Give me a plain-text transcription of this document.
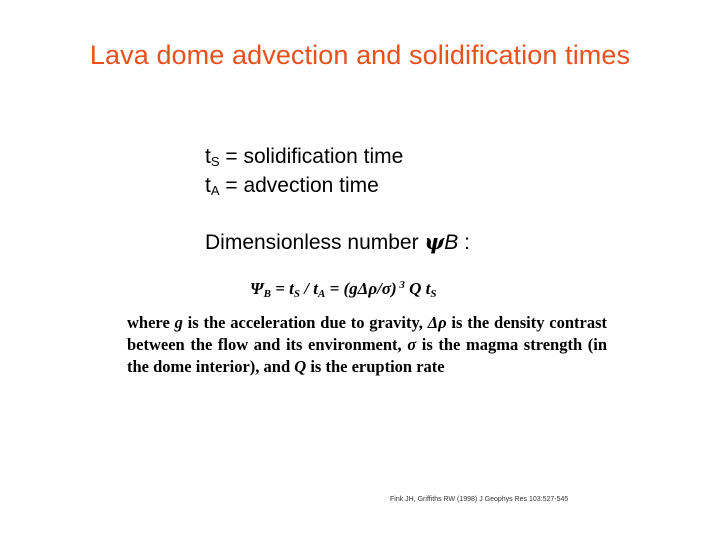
Lava dome advection and solidification times
$t_S$ = solidification time
$t_A$ = advection time
Dimensionless number ψB :
$\Psi_B = t_S / t_A = (g\Delta\rho/\sigma)$ $^3$ Q $t_S$
where g is the acceleration due to gravity, Δρ is the density contrast between the flow and its environment, σ is the magma strength (in the dome interior), and Q is the eruption rate
Fink JH, Griffiths RW (1998) J Geophys Res 103:527-545
